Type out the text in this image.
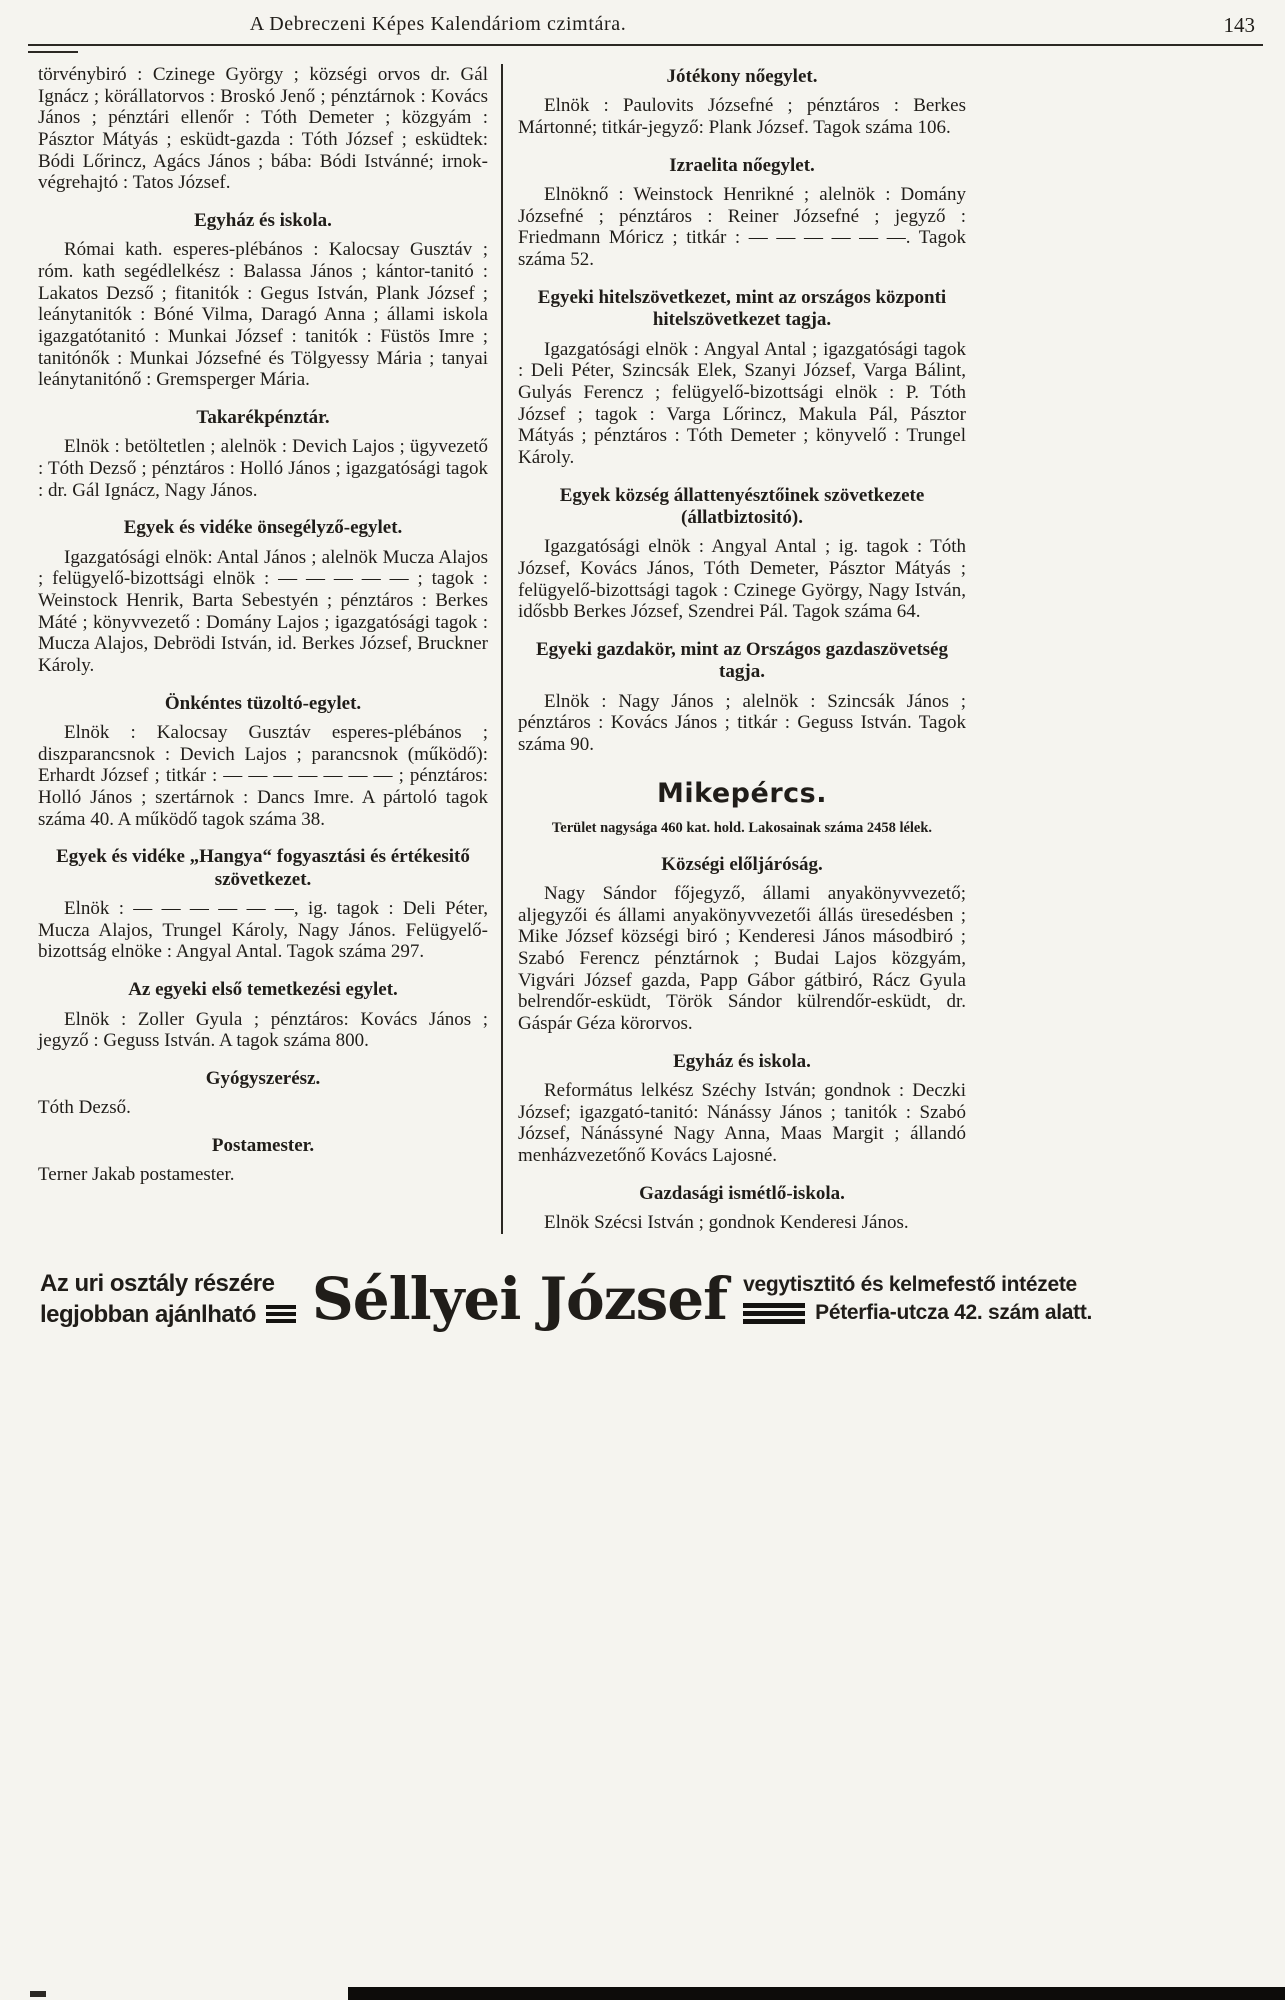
A Debreczeni Képes Kalendáriom czimtára.	143

törvénybiró : Czinege György ; községi orvos dr. Gál Ignácz ; körállatorvos : Broskó Jenő ; pénztárnok : Kovács János ; pénztári ellenőr : Tóth Demeter ; közgyám : Pásztor Mátyás ; esküdt-gazda : Tóth József ; esküdtek: Bódi Lőrincz, Agács János ; bába: Bódi Istvánné; irnok-végrehajtó : Tatos József.

Egyház és iskola.

Római kath. esperes-plébános : Kalocsay Gusztáv ; róm. kath segédlelkész : Balassa János ; kántor-tanitó : Lakatos Dezső ; fitanitók : Gegus István, Plank József ; leánytanitók : Bóné Vilma, Daragó Anna ; állami iskola igazgatótanitó : Munkai József : tanitók : Füstös Imre ; tanitónők : Munkai Józsefné és Tölgyessy Mária ; tanyai leánytanitónő : Gremsperger Mária.

Takarékpénztár.

Elnök : betöltetlen ; alelnök : Devich Lajos ; ügyvezető : Tóth Dezső ; pénztáros : Holló János ; igazgatósági tagok : dr. Gál Ignácz, Nagy János.

Egyek és vidéke önsegélyző-egylet.

Igazgatósági elnök: Antal János ; alelnök Mucza Alajos ; felügyelő-bizottsági elnök : — — — — — ; tagok : Weinstock Henrik, Barta Sebestyén ; pénztáros : Berkes Máté ; könyvvezető : Domány Lajos ; igazgatósági tagok : Mucza Alajos, Debrödi István, id. Berkes József, Bruckner Károly.

Önkéntes tüzoltó-egylet.

Elnök : Kalocsay Gusztáv esperes-plébános ; diszparancsnok : Devich Lajos ; parancsnok (működő): Erhardt József ; titkár : — — — — — — — ; pénztáros: Holló János ; szertárnok : Dancs Imre. A pártoló tagok száma 40. A működő tagok száma 38.

Egyek és vidéke „Hangya“ fogyasztási és értékesitő szövetkezet.

Elnök : — — — — — —, ig. tagok : Deli Péter, Mucza Alajos, Trungel Károly, Nagy János. Felügyelő-bizottság elnöke : Angyal Antal. Tagok száma 297.

Az egyeki első temetkezési egylet.

Elnök : Zoller Gyula ; pénztáros: Kovács János ; jegyző : Geguss István. A tagok száma 800.

Gyógyszerész.

Tóth Dezső.

Postamester.

Terner Jakab postamester.

Jótékony nőegylet.

Elnök : Paulovits Józsefné ; pénztáros : Berkes Mártonné; titkár-jegyző: Plank József. Tagok száma 106.

Izraelita nőegylet.

Elnöknő : Weinstock Henrikné ; alelnök : Domány Józsefné ; pénztáros : Reiner Józsefné ; jegyző : Friedmann Móricz ; titkár : — — — — — —. Tagok száma 52.

Egyeki hitelszövetkezet, mint az országos központi hitelszövetkezet tagja.

Igazgatósági elnök : Angyal Antal ; igazgatósági tagok : Deli Péter, Szincsák Elek, Szanyi József, Varga Bálint, Gulyás Ferencz ; felügyelő-bizottsági elnök : P. Tóth József ; tagok : Varga Lőrincz, Makula Pál, Pásztor Mátyás ; pénztáros : Tóth Demeter ; könyvelő : Trungel Károly.

Egyek község állattenyésztőinek szövetkezete (állatbiztositó).

Igazgatósági elnök : Angyal Antal ; ig. tagok : Tóth József, Kovács János, Tóth Demeter, Pásztor Mátyás ; felügyelő-bizottsági tagok : Czinege György, Nagy István, idősbb Berkes József, Szendrei Pál. Tagok száma 64.

Egyeki gazdakör, mint az Országos gazdaszövetség tagja.

Elnök : Nagy János ; alelnök : Szincsák János ; pénztáros : Kovács János ; titkár : Geguss István. Tagok száma 90.

Mikepércs.

Terület nagysága 460 kat. hold. Lakosainak száma 2458 lélek.

Községi előljáróság.

Nagy Sándor főjegyző, állami anyakönyvvezető; aljegyzői és állami anyakönyvvezetői állás üresedésben ; Mike József községi biró ; Kenderesi János másodbiró ; Szabó Ferencz pénztárnok ; Budai Lajos közgyám, Vigvári József gazda, Papp Gábor gátbiró, Rácz Gyula belrendőr-esküdt, Török Sándor külrendőr-esküdt, dr. Gáspár Géza körorvos.

Egyház és iskola.

Református lelkész Széchy István; gondnok : Deczki József; igazgató-tanitó: Nánássy János ; tanitók : Szabó József, Nánássyné Nagy Anna, Maas Margit ; állandó menházvezetőnő Kovács Lajosné.

Gazdasági ismétlő-iskola.

Elnök Szécsi István ; gondnok Kenderesi János.

Az uri osztály részére
legjobban ajánlható Séllyei József vegytisztitó és kelmefestő intézete
Péterfia-utcza 42. szám alatt.
